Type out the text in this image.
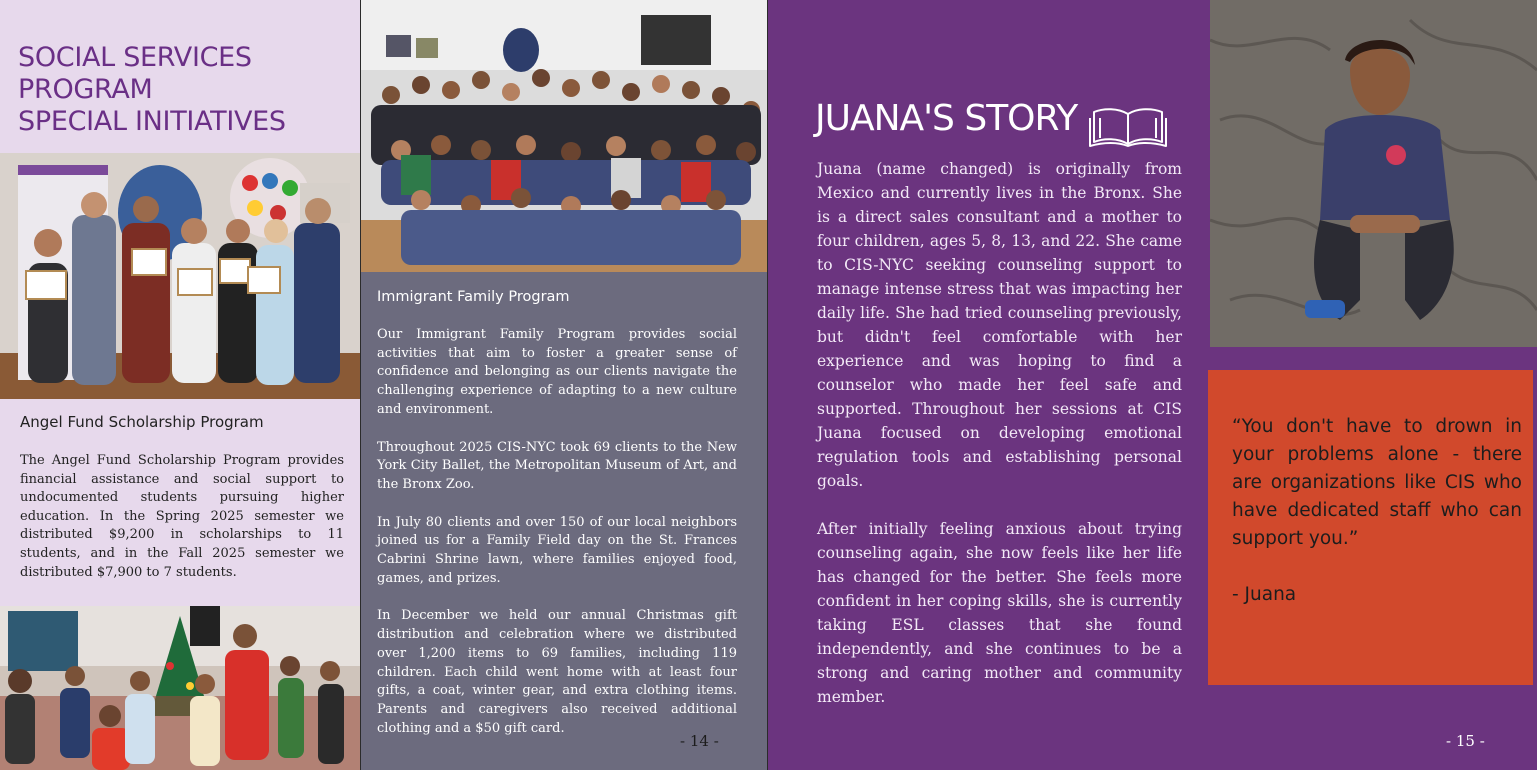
SOCIAL SERVICES
PROGRAM
SPECIAL INITIATIVES
Angel Fund Scholarship Program
The Angel Fund Scholarship Program provides financial assistance and social support to undocumented students pursuing higher education. In the Spring 2025 semester we distributed $9,200 in scholarships to 11 students, and in the Fall 2025 semester we distributed $7,900 to 7 students.
Immigrant Family Program
Our Immigrant Family Program provides social activities that aim to foster a greater sense of confidence and belonging as our clients navigate the challenging experience of adapting to a new culture and environment.
Throughout 2025 CIS-NYC took 69 clients to the New York City Ballet, the Metropolitan Museum of Art, and the Bronx Zoo.
In July 80 clients and over 150 of our local neighbors joined us for a Family Field day on the St. Frances Cabrini Shrine lawn, where families enjoyed food, games, and prizes.
In December we held our annual Christmas gift distribution and celebration where we distributed over 1,200 items to 69 families, including 119 children. Each child went home with at least four gifts, a coat, winter gear, and extra clothing items. Parents and caregivers also received additional clothing and a $50 gift card.
- 14 -
JUANA'S STORY
Juana (name changed) is originally from Mexico and currently lives in the Bronx. She is a direct sales consultant and a mother to four children, ages 5, 8, 13, and 22. She came to CIS-NYC seeking counseling support to manage intense stress that was impacting her daily life. She had tried counseling previously, but didn't feel comfortable with her experience and was hoping to find a counselor who made her feel safe and supported. Throughout her sessions at CIS Juana focused on developing emotional regulation tools and establishing personal goals.
After initially feeling anxious about trying counseling again, she now feels like her life has changed for the better. She feels more confident in her coping skills, she is currently taking ESL classes that she found independently, and she continues to be a strong and caring mother and community member.
“You don't have to drown in your problems alone - there are organizations like CIS who have dedicated staff who can support you.”
- Juana
- 15 -
